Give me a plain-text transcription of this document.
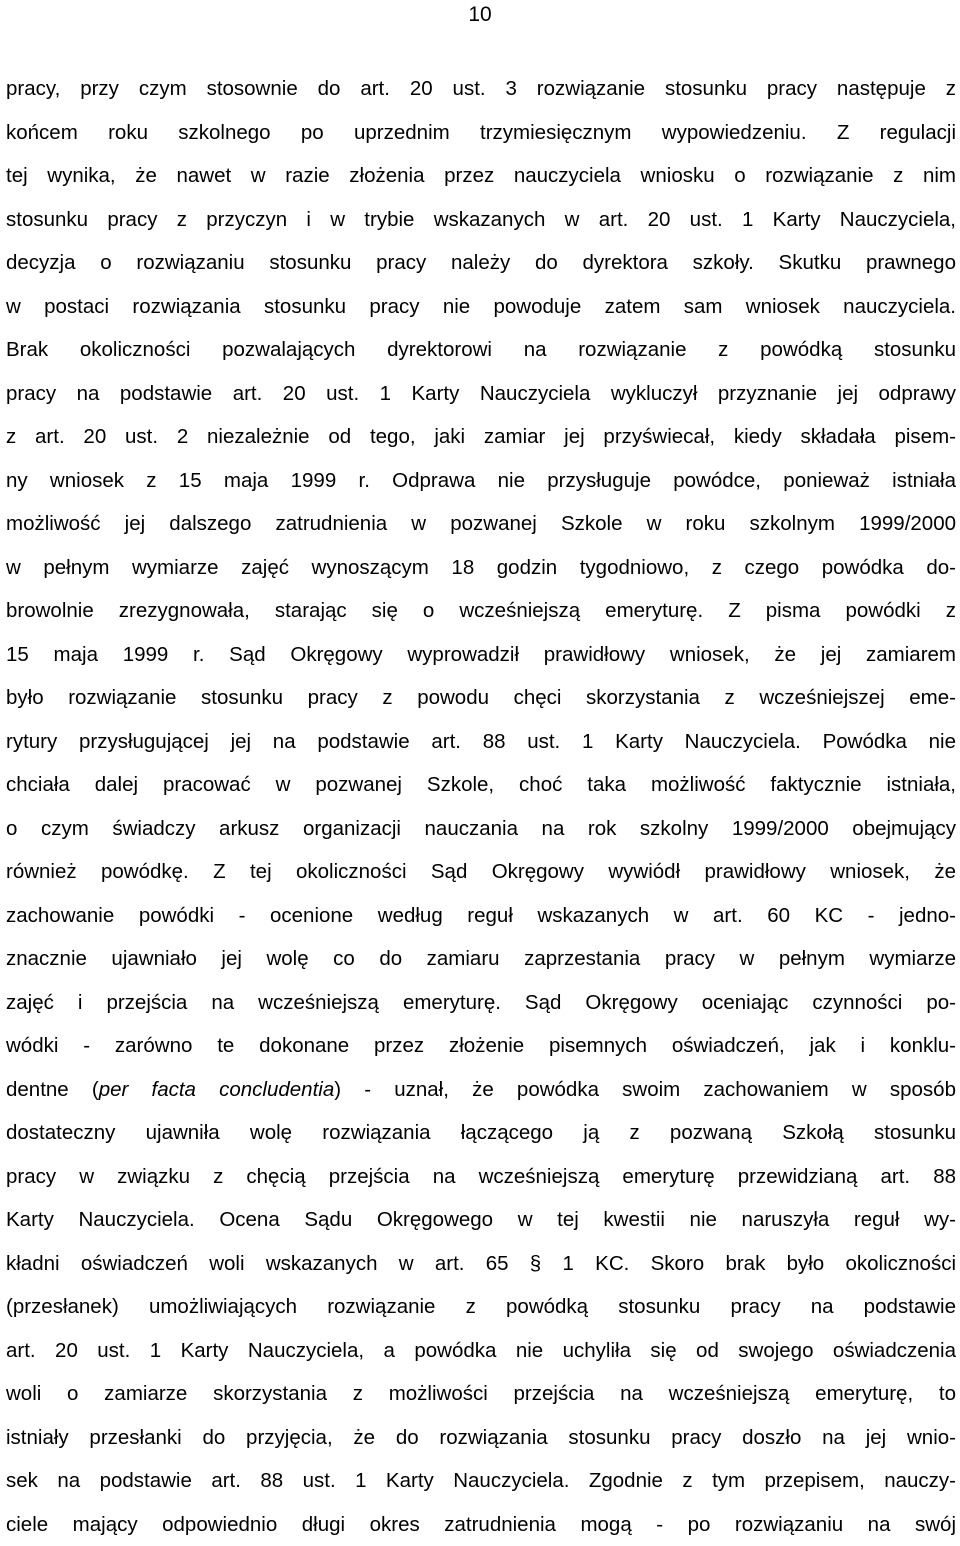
10
pracy, przy czym stosownie do art. 20 ust. 3 rozwiązanie stosunku pracy następuje z
końcem roku szkolnego po uprzednim trzymiesięcznym wypowiedzeniu. Z regulacji
tej wynika, że nawet w razie złożenia przez nauczyciela wniosku o rozwiązanie z nim
stosunku pracy z przyczyn i w trybie wskazanych w art. 20 ust. 1 Karty Nauczyciela,
decyzja o rozwiązaniu stosunku pracy należy do dyrektora szkoły. Skutku prawnego
w postaci rozwiązania stosunku pracy nie powoduje zatem sam wniosek nauczyciela.
Brak okoliczności pozwalających dyrektorowi na rozwiązanie z powódką stosunku
pracy na podstawie art. 20 ust. 1 Karty Nauczyciela wykluczył przyznanie jej odprawy
z art. 20 ust. 2 niezależnie od tego, jaki zamiar jej przyświecał, kiedy składała pisem-
ny wniosek z 15 maja 1999 r. Odprawa nie przysługuje powódce, ponieważ istniała
możliwość jej dalszego zatrudnienia w pozwanej Szkole w roku szkolnym 1999/2000
w pełnym wymiarze zajęć wynoszącym 18 godzin tygodniowo, z czego powódka do-
browolnie zrezygnowała, starając się o wcześniejszą emeryturę. Z pisma powódki z
15 maja 1999 r. Sąd Okręgowy wyprowadził prawidłowy wniosek, że jej zamiarem
było rozwiązanie stosunku pracy z powodu chęci skorzystania z wcześniejszej eme-
rytury przysługującej jej na podstawie art. 88 ust. 1 Karty Nauczyciela. Powódka nie
chciała dalej pracować w pozwanej Szkole, choć taka możliwość faktycznie istniała,
o czym świadczy arkusz organizacji nauczania na rok szkolny 1999/2000 obejmujący
również powódkę. Z tej okoliczności Sąd Okręgowy wywiódł prawidłowy wniosek, że
zachowanie powódki - ocenione według reguł wskazanych w art. 60 KC - jedno-
znacznie ujawniało jej wolę co do zamiaru zaprzestania pracy w pełnym wymiarze
zajęć i przejścia na wcześniejszą emeryturę. Sąd Okręgowy oceniając czynności po-
wódki - zarówno te dokonane przez złożenie pisemnych oświadczeń, jak i konklu-
dentne (per facta concludentia) - uznał, że powódka swoim zachowaniem w sposób
dostateczny ujawniła wolę rozwiązania łączącego ją z pozwaną Szkołą stosunku
pracy w związku z chęcią przejścia na wcześniejszą emeryturę przewidzianą art. 88
Karty Nauczyciela. Ocena Sądu Okręgowego w tej kwestii nie naruszyła reguł wy-
kładni oświadczeń woli wskazanych w art. 65 § 1 KC. Skoro brak było okoliczności
(przesłanek) umożliwiających rozwiązanie z powódką stosunku pracy na podstawie
art. 20 ust. 1 Karty Nauczyciela, a powódka nie uchyliła się od swojego oświadczenia
woli o zamiarze skorzystania z możliwości przejścia na wcześniejszą emeryturę, to
istniały przesłanki do przyjęcia, że do rozwiązania stosunku pracy doszło na jej wnio-
sek na podstawie art. 88 ust. 1 Karty Nauczyciela. Zgodnie z tym przepisem, nauczy-
ciele mający odpowiednio długi okres zatrudnienia mogą - po rozwiązaniu na swój
